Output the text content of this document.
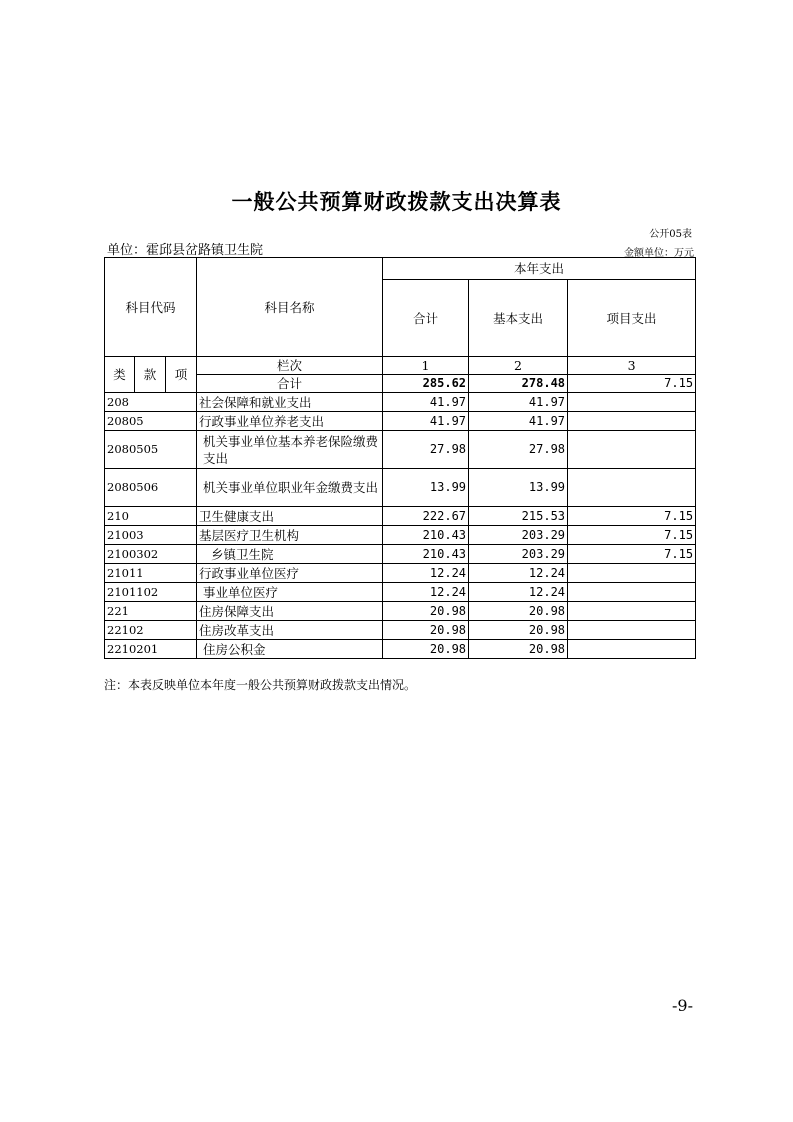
一般公共预算财政拨款支出决算表
公开05表
单位：霍邱县岔路镇卫生院	金额单位：万元
科目代码			科目名称	本年支出		
				合计	基本支出	项目支出
类	款	项	栏次	1	2	3
			合计	285.62	278.48	7.15
208			社会保障和就业支出	41.97	41.97	
20805			行政事业单位养老支出	41.97	41.97	
2080505			机关事业单位基本养老保险缴费支出	27.98	27.98	
2080506			机关事业单位职业年金缴费支出	13.99	13.99	
210			卫生健康支出	222.67	215.53	7.15
21003			基层医疗卫生机构	210.43	203.29	7.15
2100302			乡镇卫生院	210.43	203.29	7.15
21011			行政事业单位医疗	12.24	12.24	
2101102			事业单位医疗	12.24	12.24	
221			住房保障支出	20.98	20.98	
22102			住房改革支出	20.98	20.98	
2210201			住房公积金	20.98	20.98	
注：本表反映单位本年度一般公共预算财政拨款支出情况。
-9-
